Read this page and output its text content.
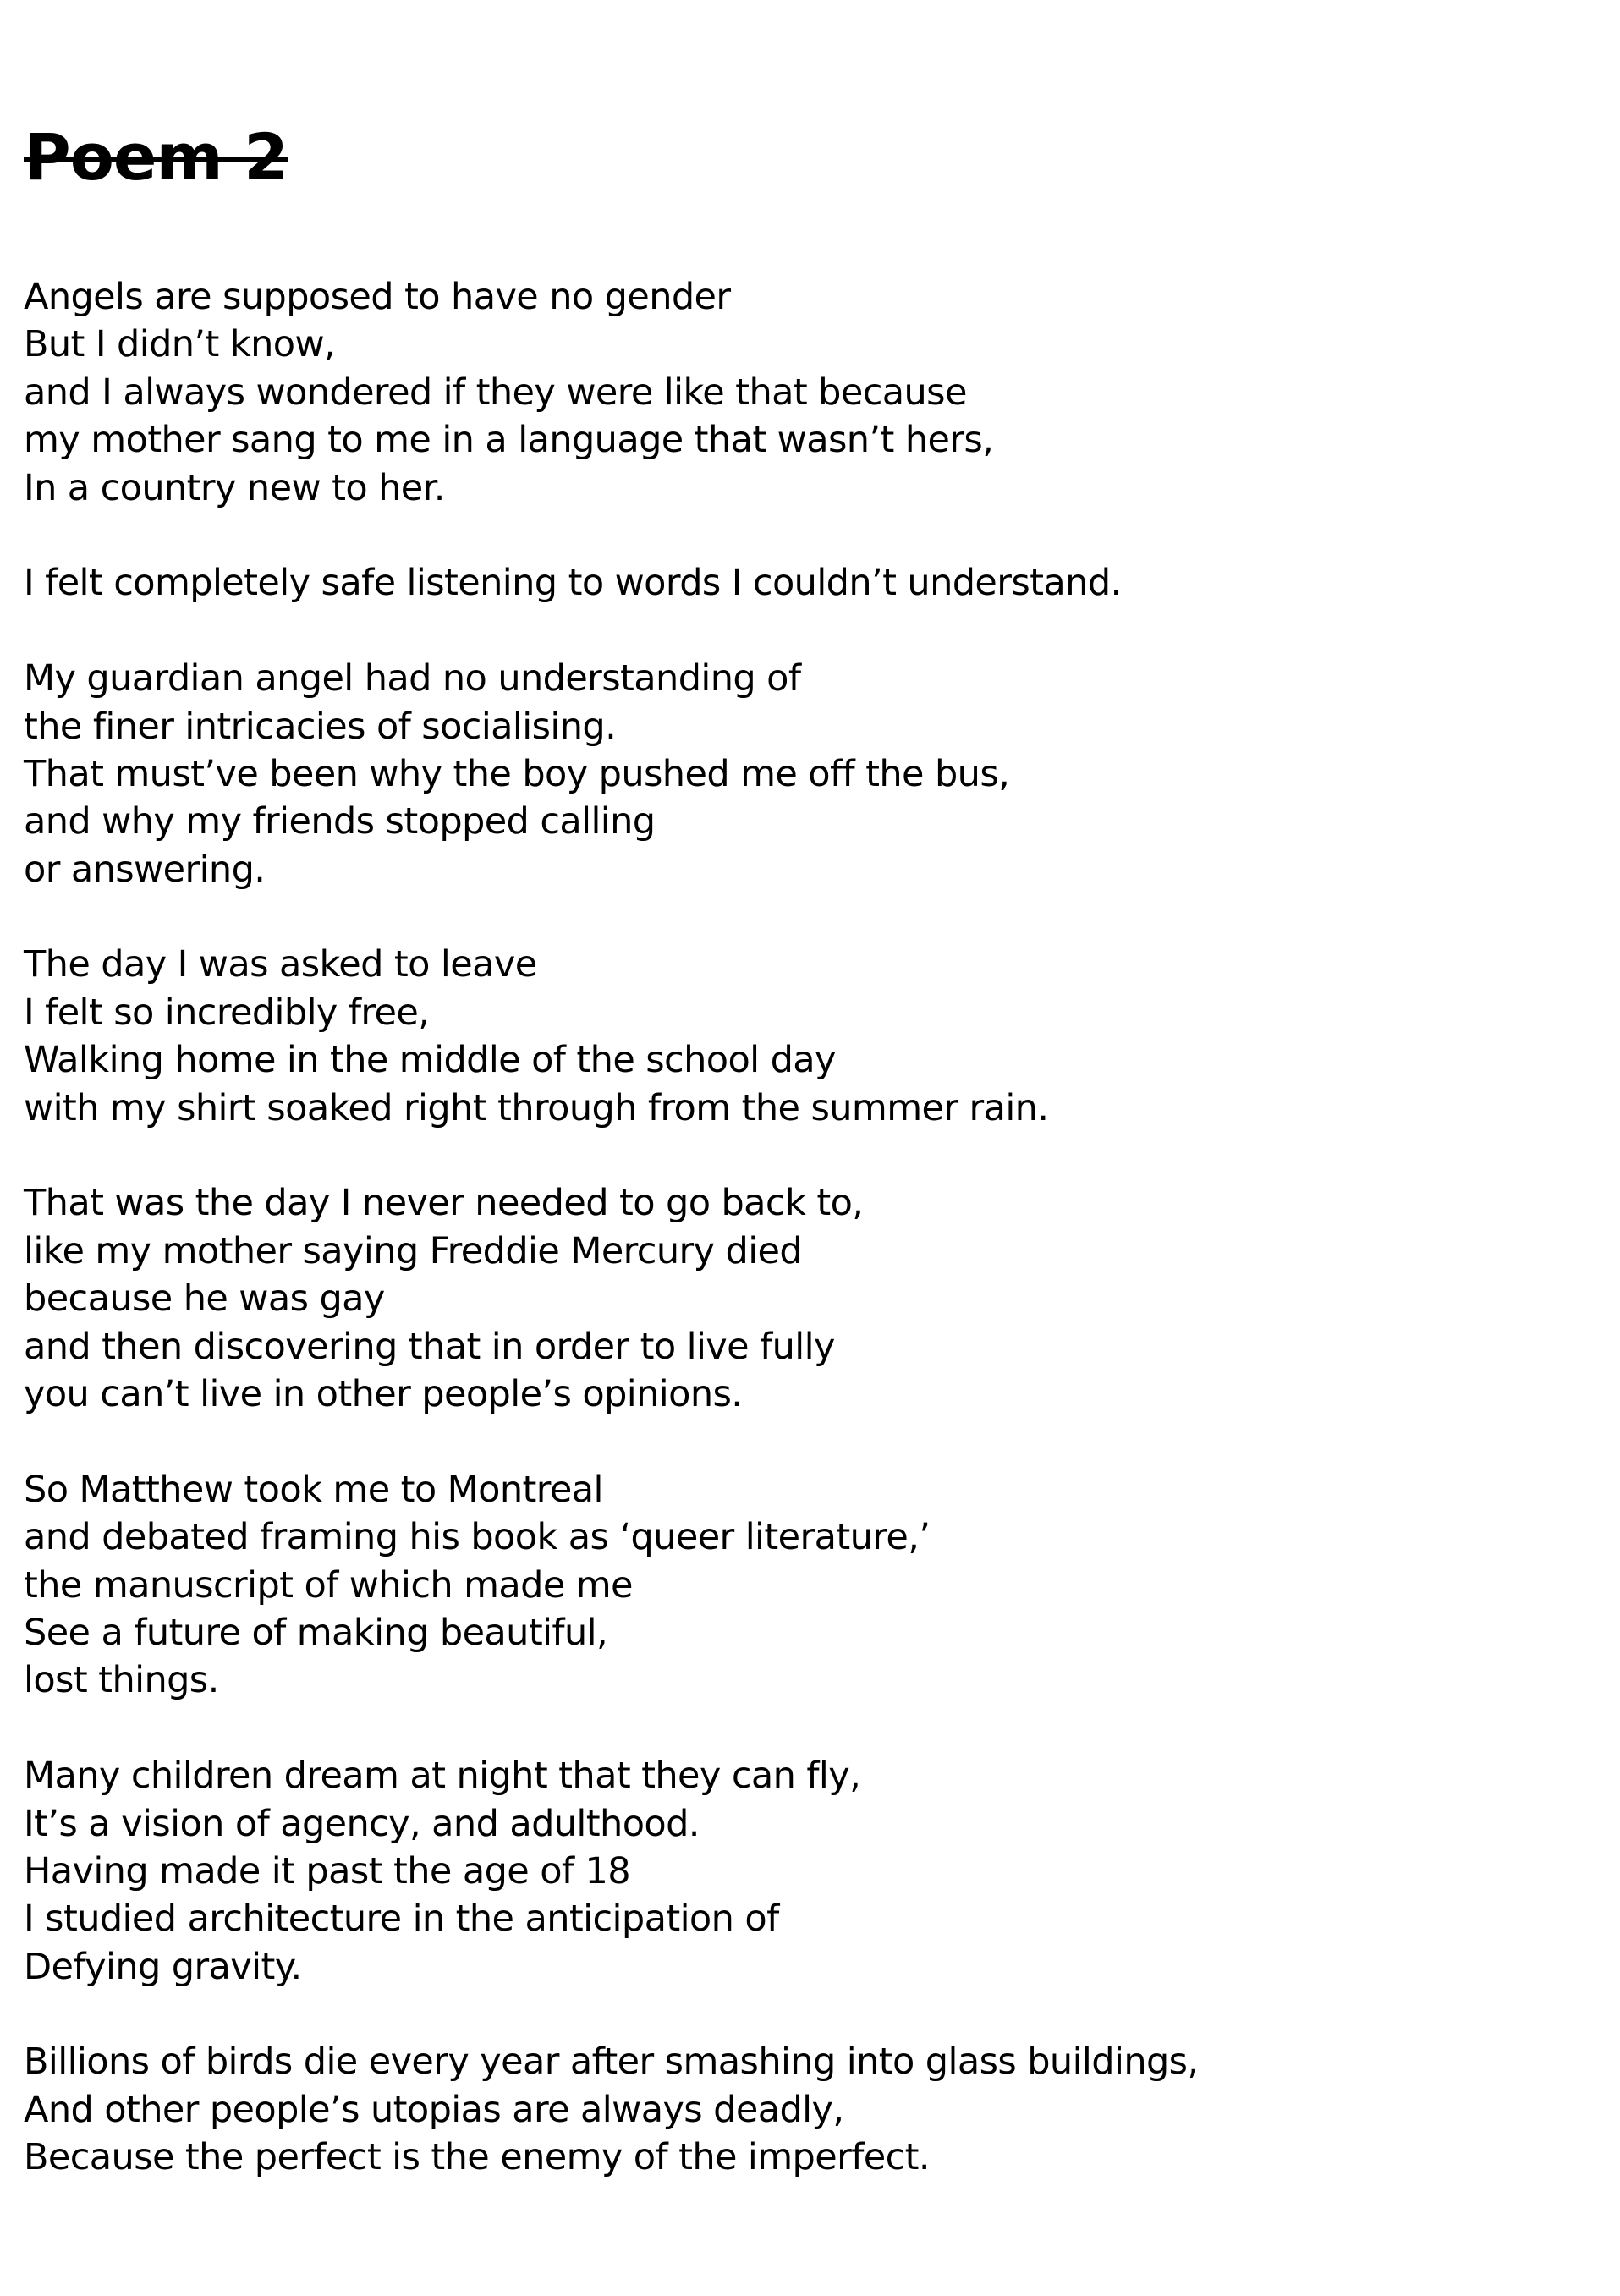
Poem 2
Angels are supposed to have no gender
But I didn’t know,
and I always wondered if they were like that because
my mother sang to me in a language that wasn’t hers,
In a country new to her.
I felt completely safe listening to words I couldn’t understand.
My guardian angel had no understanding of
the finer intricacies of socialising.
That must’ve been why the boy pushed me off the bus,
and why my friends stopped calling
or answering.
The day I was asked to leave
I felt so incredibly free,
Walking home in the middle of the school day
with my shirt soaked right through from the summer rain.
That was the day I never needed to go back to,
like my mother saying Freddie Mercury died
because he was gay
and then discovering that in order to live fully
you can’t live in other people’s opinions.
So Matthew took me to Montreal
and debated framing his book as ‘queer literature,’
the manuscript of which made me
See a future of making beautiful,
lost things.
Many children dream at night that they can fly,
It’s a vision of agency, and adulthood.
Having made it past the age of 18
I studied architecture in the anticipation of
Defying gravity.
Billions of birds die every year after smashing into glass buildings,
And other people’s utopias are always deadly,
Because the perfect is the enemy of the imperfect.
